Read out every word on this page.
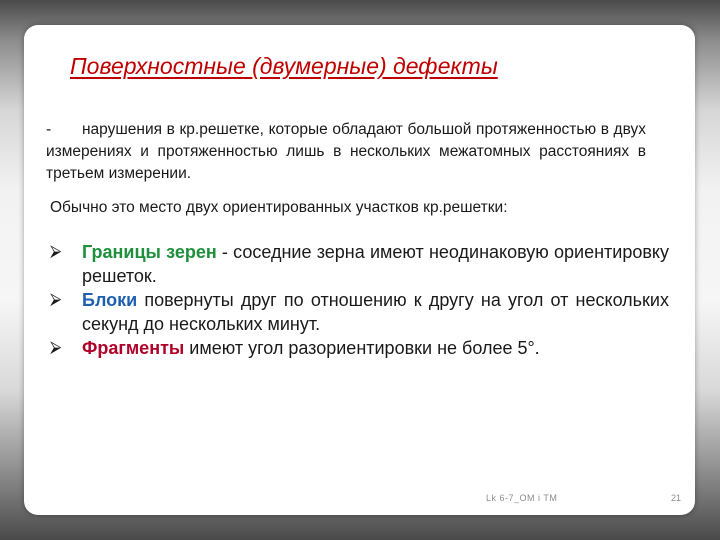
Поверхностные (двумерные) дефекты

- нарушения в кр.решетке, которые обладают большой протяженностью в двух измерениях и протяженностью лишь в нескольких межатомных расстояниях в третьем измерении.

Обычно это место двух ориентированных участков кр.решетки:

⮚ Границы зерен - соседние зерна имеют неодинаковую ориентировку решеток.
⮚ Блоки повернуты друг по отношению к другу на угол от нескольких секунд до нескольких минут.
⮚ Фрагменты имеют угол разориентировки не более 5°.
Lk 6-7_OM i TM	21
